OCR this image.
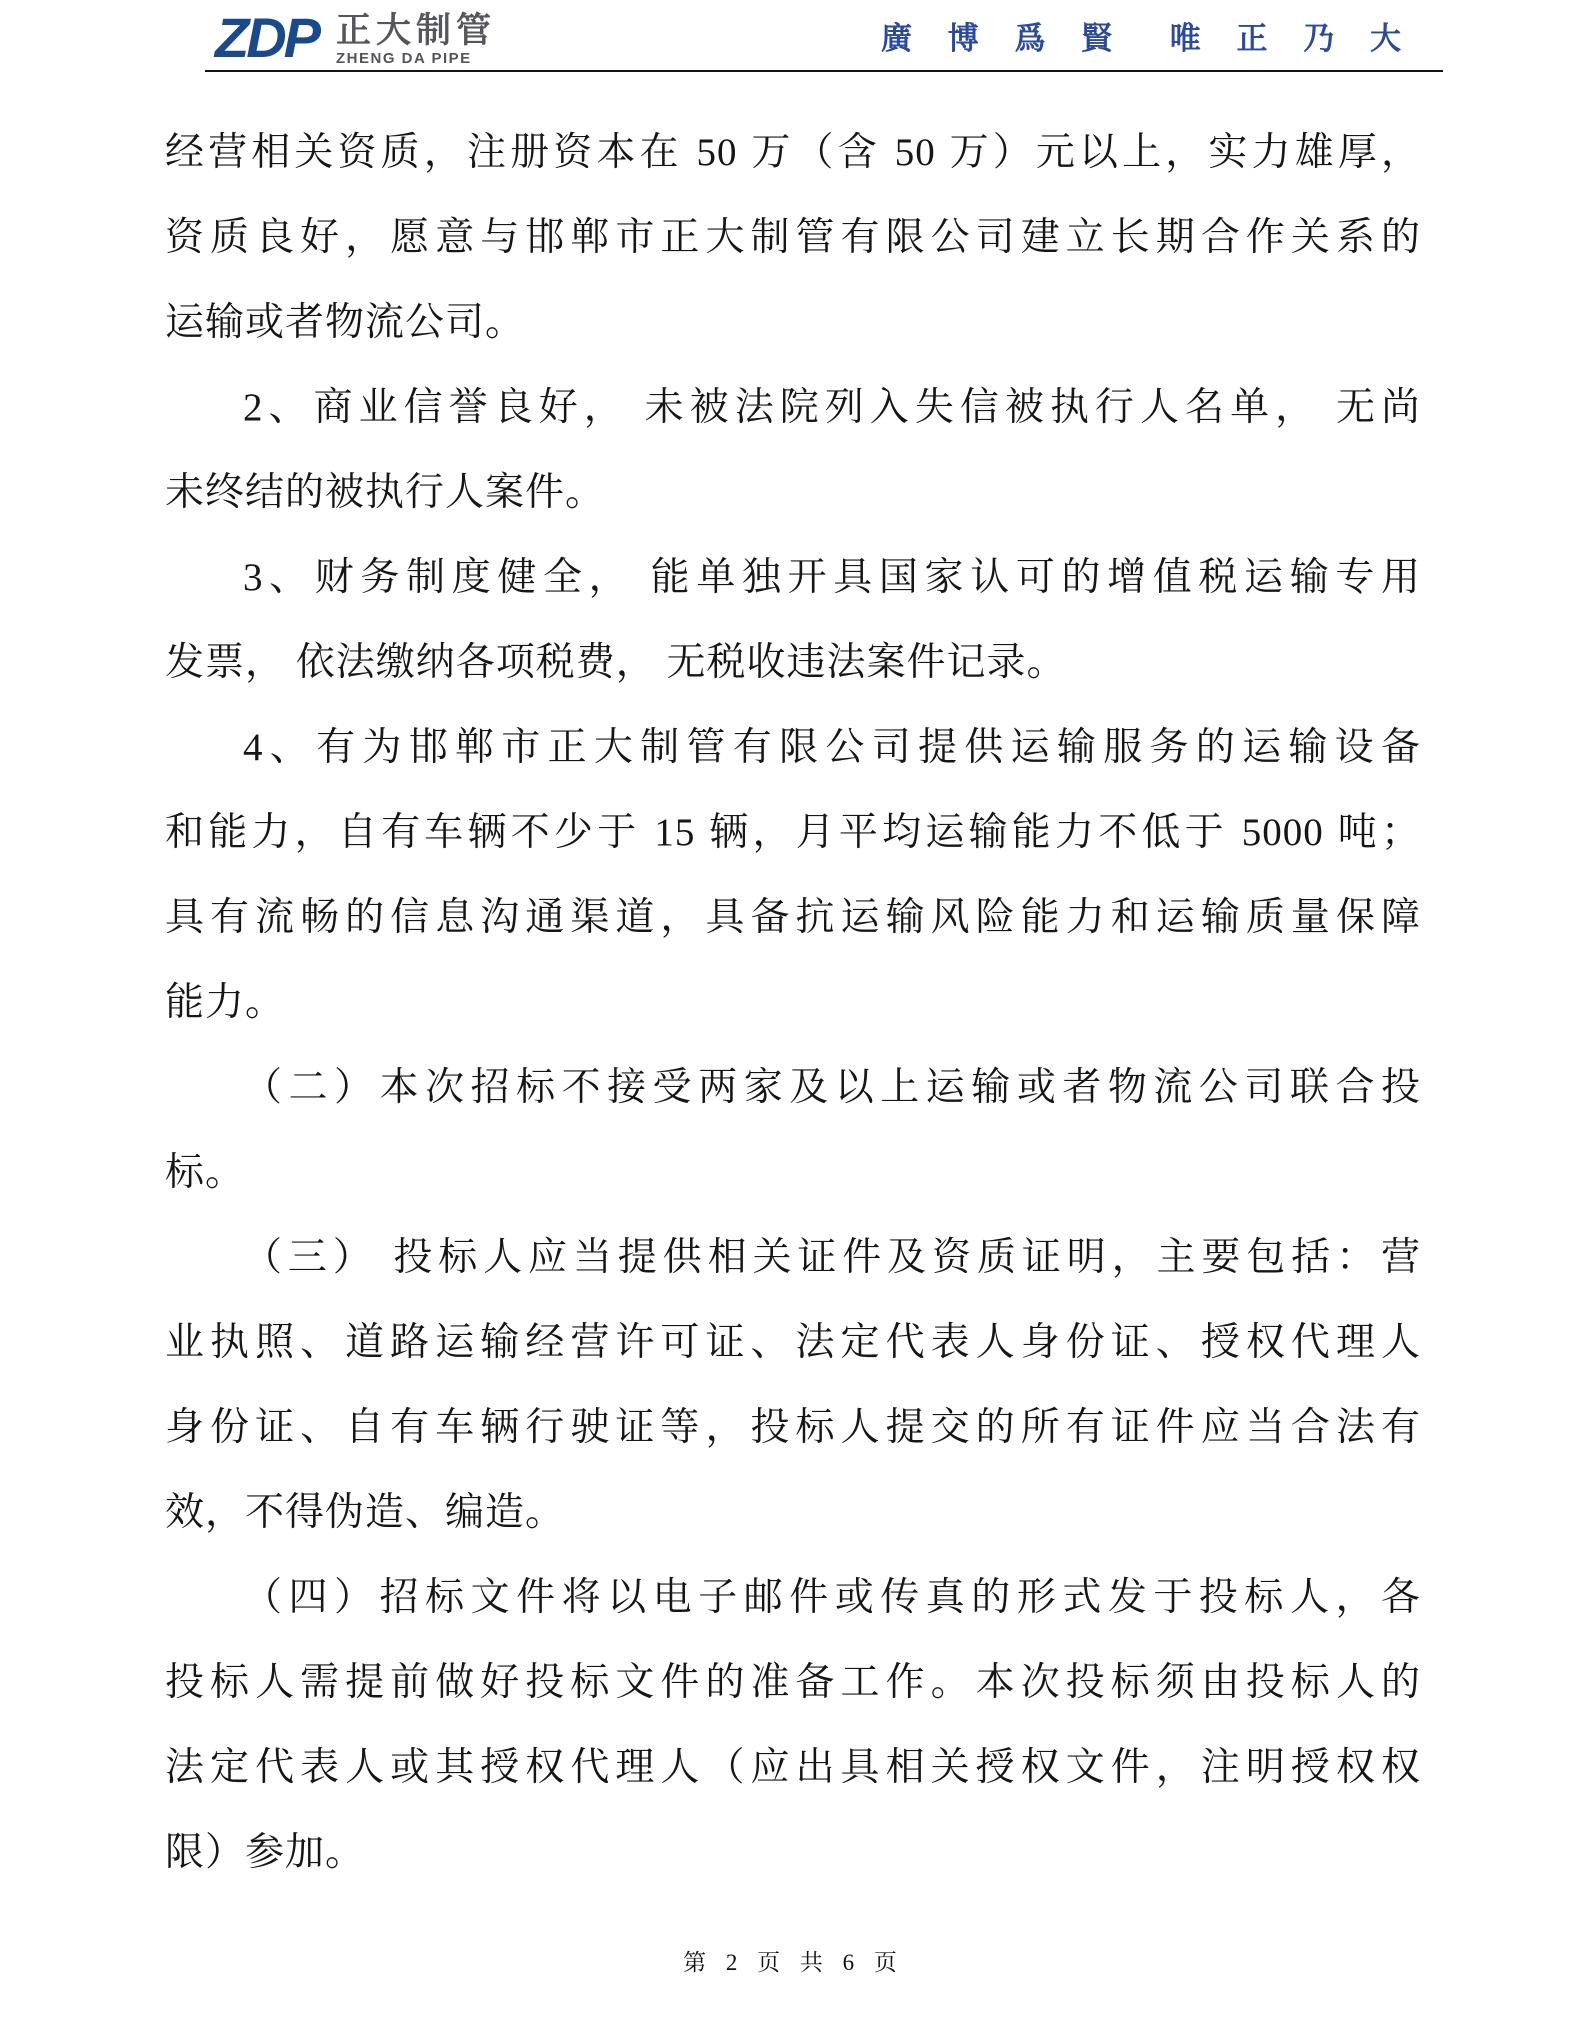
ZDP 正大制管
ZHENG DA PIPE
廣 博 爲 賢  唯 正 乃 大
经营相关资质，注册资本在 50 万（含 50 万）元以上，实力雄厚，
资质良好，愿意与邯郸市正大制管有限公司建立长期合作关系的
运输或者物流公司。
2、商业信誉良好， 未被法院列入失信被执行人名单， 无尚
未终结的被执行人案件。
3、财务制度健全， 能单独开具国家认可的增值税运输专用
发票， 依法缴纳各项税费， 无税收违法案件记录。
4、有为邯郸市正大制管有限公司提供运输服务的运输设备
和能力，自有车辆不少于 15 辆，月平均运输能力不低于 5000 吨；
具有流畅的信息沟通渠道，具备抗运输风险能力和运输质量保障
能力。
（二）本次招标不接受两家及以上运输或者物流公司联合投
标。
（三） 投标人应当提供相关证件及资质证明，主要包括：营
业执照、道路运输经营许可证、法定代表人身份证、授权代理人
身份证、自有车辆行驶证等，投标人提交的所有证件应当合法有
效，不得伪造、编造。
（四）招标文件将以电子邮件或传真的形式发于投标人，各
投标人需提前做好投标文件的准备工作。本次投标须由投标人的
法定代表人或其授权代理人（应出具相关授权文件，注明授权权
限）参加。
第 2 页 共 6 页
